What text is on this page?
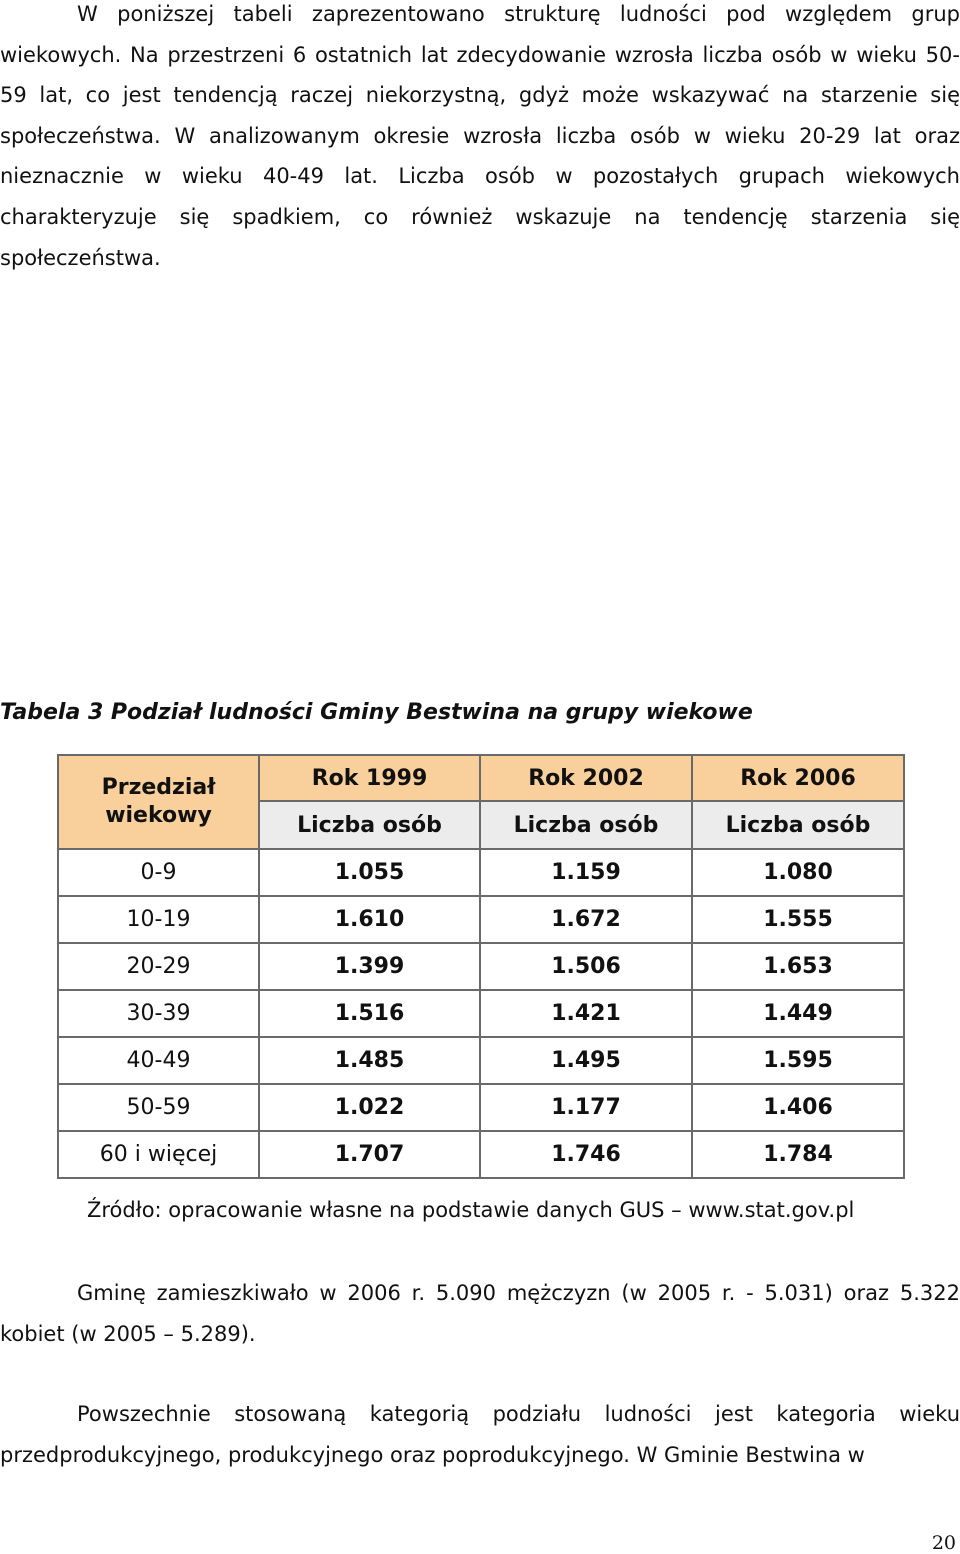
W poniższej tabeli zaprezentowano strukturę ludności pod względem grup wiekowych. Na przestrzeni 6 ostatnich lat zdecydowanie wzrosła liczba osób w wieku 50-59 lat, co jest tendencją raczej niekorzystną, gdyż może wskazywać na starzenie się społeczeństwa. W analizowanym okresie wzrosła liczba osób w wieku 20-29 lat oraz nieznacznie w wieku 40-49 lat. Liczba osób w pozostałych grupach wiekowych charakteryzuje się spadkiem, co również wskazuje na tendencję starzenia się społeczeństwa.

Tabela 3 Podział ludności Gminy Bestwina na grupy wiekowe

Przedział wiekowy	Rok 1999	Rok 2002	Rok 2006
	Liczba osób	Liczba osób	Liczba osób
0-9	1.055	1.159	1.080
10-19	1.610	1.672	1.555
20-29	1.399	1.506	1.653
30-39	1.516	1.421	1.449
40-49	1.485	1.495	1.595
50-59	1.022	1.177	1.406
60 i więcej	1.707	1.746	1.784

Źródło: opracowanie własne na podstawie danych GUS – www.stat.gov.pl

Gminę zamieszkiwało w 2006 r. 5.090 mężczyzn (w 2005 r. - 5.031) oraz 5.322 kobiet (w 2005 – 5.289).

Powszechnie stosowaną kategorią podziału ludności jest kategoria wieku przedprodukcyjnego, produkcyjnego oraz poprodukcyjnego. W Gminie Bestwina w

20
